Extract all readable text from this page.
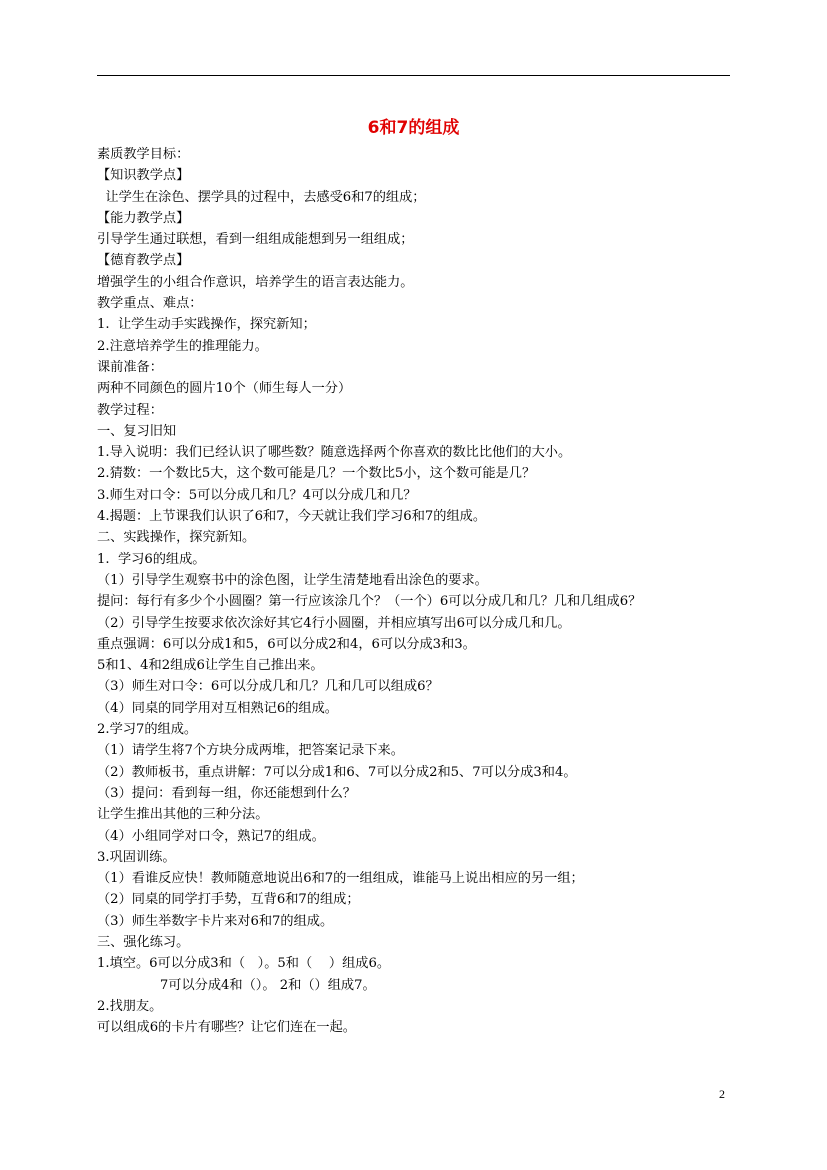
6和7的组成
素质教学目标：
【知识教学点】
让学生在涂色、摆学具的过程中，去感受6和7的组成；
【能力教学点】
引导学生通过联想，看到一组组成能想到另一组组成；
【德育教学点】
增强学生的小组合作意识，培养学生的语言表达能力。
教学重点、难点：
1.  让学生动手实践操作，探究新知；
2.注意培养学生的推理能力。
课前准备：
两种不同颜色的圆片10个（师生每人一分）
教学过程：
一、复习旧知
1.导入说明：我们已经认识了哪些数？随意选择两个你喜欢的数比比他们的大小。
2.猜数：一个数比5大，这个数可能是几？一个数比5小，这个数可能是几？
3.师生对口令：5可以分成几和几？4可以分成几和几？
4.揭题：上节课我们认识了6和7，今天就让我们学习6和7的组成。
二、实践操作，探究新知。
1.  学习6的组成。
（1）引导学生观察书中的涂色图，让学生清楚地看出涂色的要求。
提问：每行有多少个小圆圈？第一行应该涂几个？（一个）6可以分成几和几？几和几组成6？
（2）引导学生按要求依次涂好其它4行小圆圈，并相应填写出6可以分成几和几。
重点强调：6可以分成1和5，6可以分成2和4，6可以分成3和3。
5和1、4和2组成6让学生自己推出来。
（3）师生对口令：6可以分成几和几？几和几可以组成6？
（4）同桌的同学用对互相熟记6的组成。
2.学习7的组成。
（1）请学生将7个方块分成两堆，把答案记录下来。
（2）教师板书，重点讲解：7可以分成1和6、7可以分成2和5、7可以分成3和4。
（3）提问：看到每一组，你还能想到什么？
让学生推出其他的三种分法。
（4）小组同学对口令，熟记7的组成。
3.巩固训练。
（1）看谁反应快！教师随意地说出6和7的一组组成，谁能马上说出相应的另一组；
（2）同桌的同学打手势，互背6和7的组成；
（3）师生举数字卡片来对6和7的组成。
三、强化练习。
1.填空。6可以分成3和（   ）。5和（    ）组成6。
7可以分成4和（）。 2和（）组成7。
2.找朋友。
可以组成6的卡片有哪些？让它们连在一起。
2
